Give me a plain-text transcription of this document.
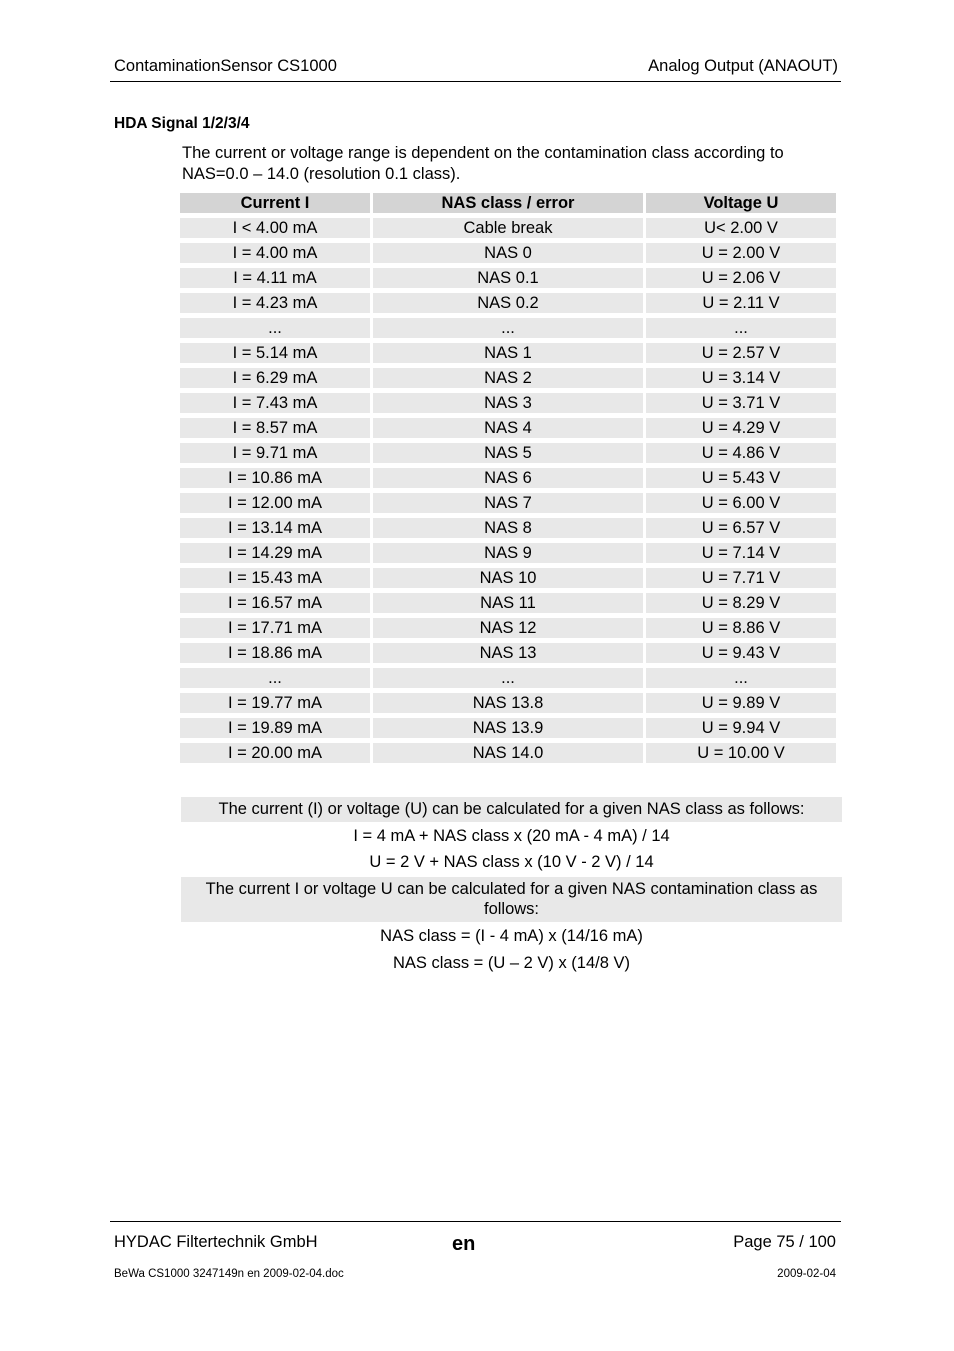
ContaminationSensor CS1000	Analog Output (ANAOUT)
HDA Signal 1/2/3/4
The current or voltage range is dependent on the contamination class according to NAS=0.0 – 14.0 (resolution 0.1 class).
Current I	NAS class / error	Voltage U
I < 4.00 mA	Cable break	U< 2.00 V
I = 4.00 mA	NAS 0	U = 2.00 V
I = 4.11 mA	NAS 0.1	U = 2.06 V
I = 4.23 mA	NAS 0.2	U = 2.11 V
...	...	...
I = 5.14 mA	NAS 1	U = 2.57 V
I = 6.29 mA	NAS 2	U = 3.14 V
I = 7.43 mA	NAS 3	U = 3.71 V
I = 8.57 mA	NAS 4	U = 4.29 V
I = 9.71 mA	NAS 5	U = 4.86 V
I = 10.86 mA	NAS 6	U = 5.43 V
I = 12.00 mA	NAS 7	U = 6.00 V
I = 13.14 mA	NAS 8	U = 6.57 V
I = 14.29 mA	NAS 9	U = 7.14 V
I = 15.43 mA	NAS 10	U = 7.71 V
I = 16.57 mA	NAS 11	U = 8.29 V
I = 17.71 mA	NAS 12	U = 8.86 V
I = 18.86 mA	NAS 13	U = 9.43 V
...	...	...
I = 19.77 mA	NAS 13.8	U = 9.89 V
I = 19.89 mA	NAS 13.9	U = 9.94 V
I = 20.00 mA	NAS 14.0	U = 10.00 V
The current (I) or voltage (U) can be calculated for a given NAS class as follows:
I = 4 mA + NAS class x (20 mA - 4 mA) / 14
U = 2 V + NAS class x (10 V - 2 V) / 14
The current I or voltage U can be calculated for a given NAS contamination class as follows:
NAS class = (I - 4 mA) x (14/16 mA)
NAS class = (U – 2 V) x (14/8 V)
HYDAC Filtertechnik GmbH	en	Page 75 / 100
BeWa CS1000 3247149n en 2009-02-04.doc	2009-02-04
